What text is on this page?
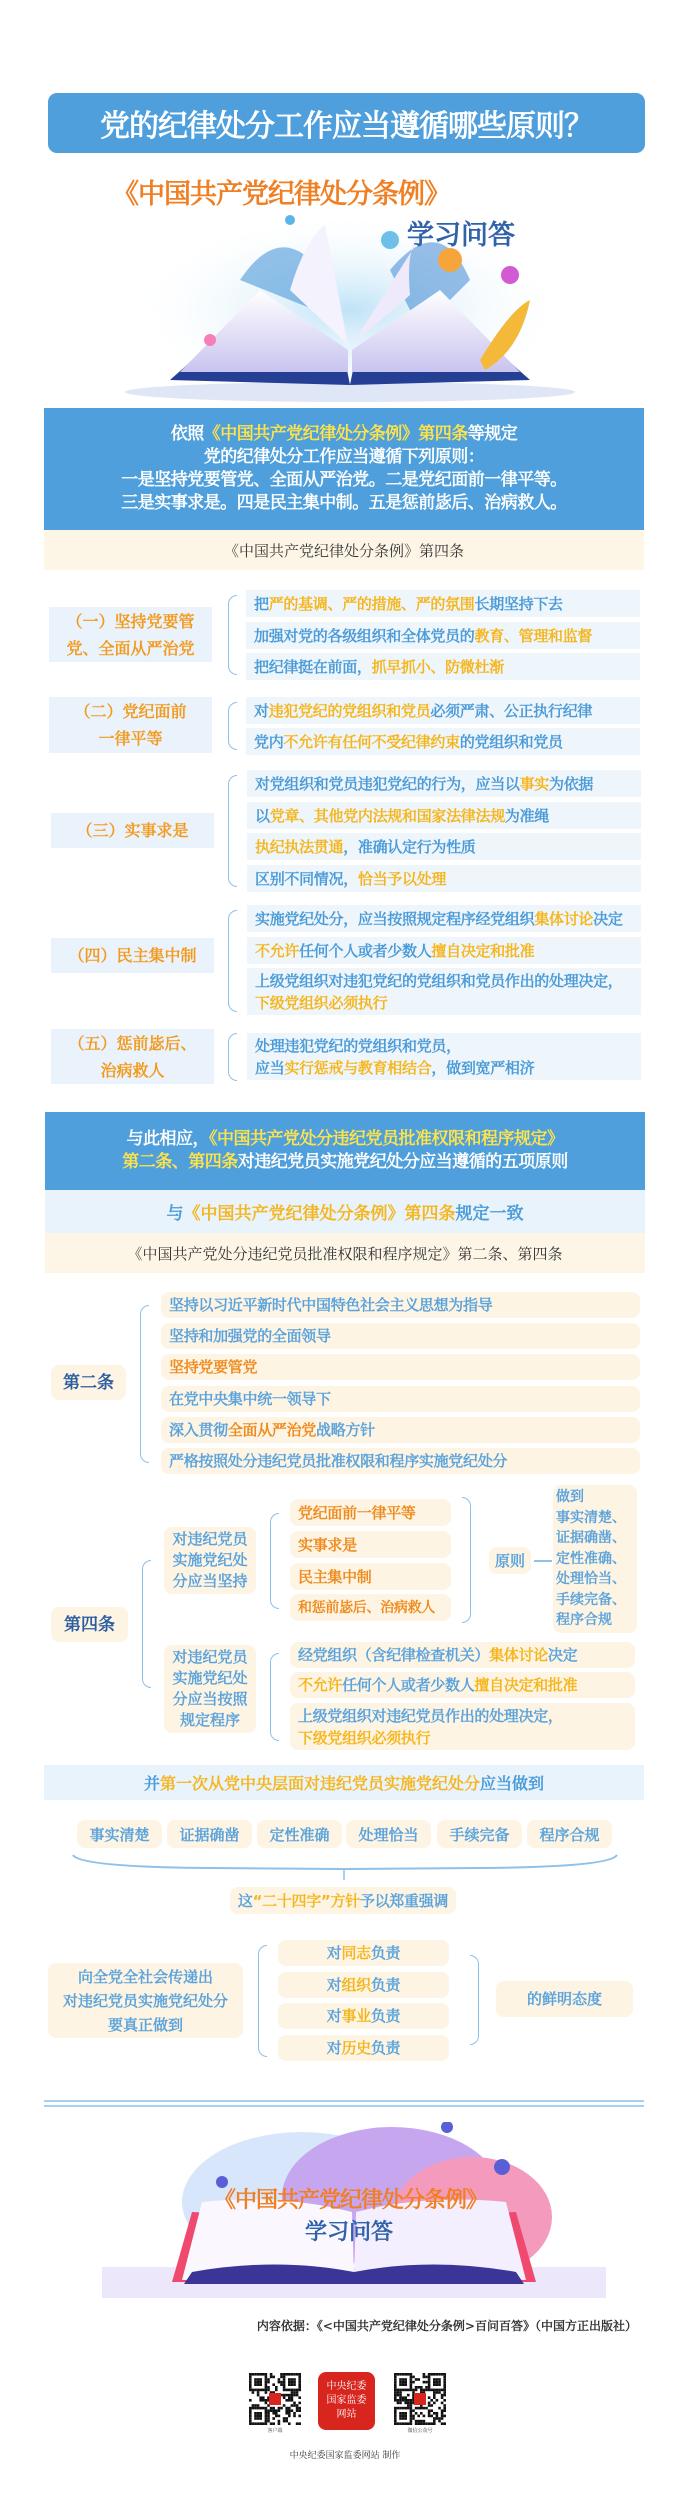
党的纪律处分工作应当遵循哪些原则？
《中国共产党纪律处分条例》
学习问答
依照《中国共产党纪律处分条例》第四条等规定
党的纪律处分工作应当遵循下列原则：
一是坚持党要管党、全面从严治党。二是党纪面前一律平等。
三是实事求是。四是民主集中制。五是惩前毖后、治病救人。
《中国共产党纪律处分条例》第四条
（一）坚持党要管
党、全面从严治党
把严的基调、严的措施、严的氛围长期坚持下去
加强对党的各级组织和全体党员的教育、管理和监督
把纪律挺在前面，抓早抓小、防微杜渐
（二）党纪面前
一律平等
对违犯党纪的党组织和党员必须严肃、公正执行纪律
党内不允许有任何不受纪律约束的党组织和党员
（三）实事求是
对党组织和党员违犯党纪的行为，应当以事实为依据
以党章、其他党内法规和国家法律法规为准绳
执纪执法贯通，准确认定行为性质
区别不同情况，恰当予以处理
（四）民主集中制
实施党纪处分，应当按照规定程序经党组织集体讨论决定
不允许任何个人或者少数人擅自决定和批准
上级党组织对违犯党纪的党组织和党员作出的处理决定，
下级党组织必须执行
（五）惩前毖后、
治病救人
处理违犯党纪的党组织和党员，
应当实行惩戒与教育相结合，做到宽严相济
与此相应，《中国共产党处分违纪党员批准权限和程序规定》
第二条、第四条对违纪党员实施党纪处分应当遵循的五项原则
与《中国共产党纪律处分条例》第四条规定一致
《中国共产党处分违纪党员批准权限和程序规定》第二条、第四条
第二条
坚持以习近平新时代中国特色社会主义思想为指导
坚持和加强党的全面领导
坚持党要管党
在党中央集中统一领导下
深入贯彻全面从严治党战略方针
严格按照处分违纪党员批准权限和程序实施党纪处分
第四条
对违纪党员
实施党纪处
分应当坚持
党纪面前一律平等
实事求是
民主集中制
和惩前毖后、治病救人
原则
做到
事实清楚、
证据确凿、
定性准确、
处理恰当、
手续完备、
程序合规
对违纪党员
实施党纪处
分应当按照
规定程序
经党组织（含纪律检查机关）集体讨论决定
不允许任何个人或者少数人擅自决定和批准
上级党组织对违纪党员作出的处理决定，
下级党组织必须执行
并第一次从党中央层面对违纪党员实施党纪处分应当做到
事实清楚	证据确凿	定性准确	处理恰当	手续完备	程序合规
这“二十四字”方针予以郑重强调
向全党全社会传递出
对违纪党员实施党纪处分
要真正做到
对同志负责
对组织负责
对事业负责
对历史负责
的鲜明态度
《中国共产党纪律处分条例》
学习问答
内容依据：《<中国共产党纪律处分条例>百问百答》（中国方正出版社）
客户端
中央纪委
国家监委
网站
微信公众号
中央纪委国家监委网站 制作
